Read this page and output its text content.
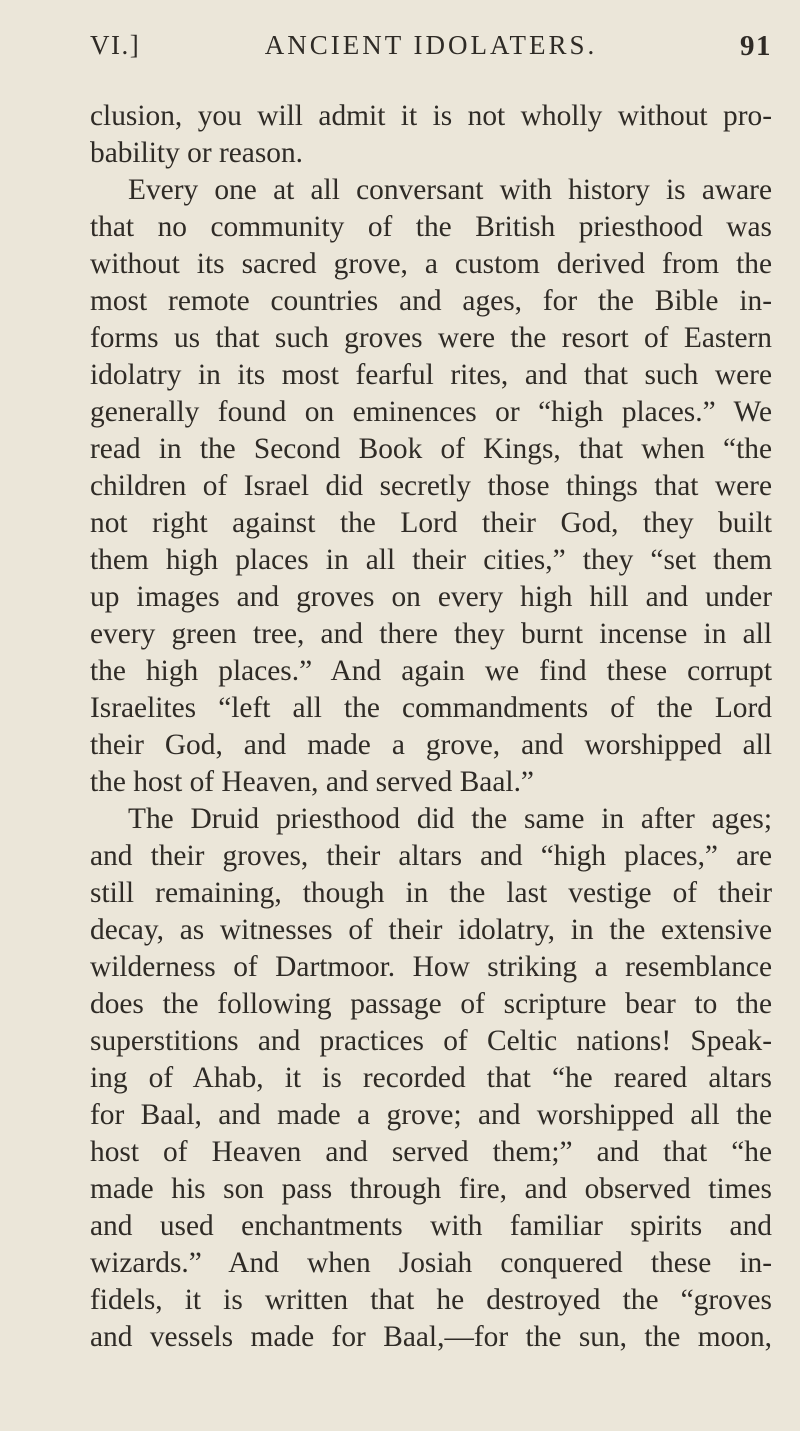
VI.]	ANCIENT IDOLATERS.	91
clusion, you will admit it is not wholly without pro-
bability or reason.
Every one at all conversant with history is aware
that no community of the British priesthood was
without its sacred grove, a custom derived from the
most remote countries and ages, for the Bible in-
forms us that such groves were the resort of Eastern
idolatry in its most fearful rites, and that such were
generally found on eminences or “high places.” We
read in the Second Book of Kings, that when “the
children of Israel did secretly those things that were
not right against the Lord their God, they built
them high places in all their cities,” they “set them
up images and groves on every high hill and under
every green tree, and there they burnt incense in all
the high places.” And again we find these corrupt
Israelites “left all the commandments of the Lord
their God, and made a grove, and worshipped all
the host of Heaven, and served Baal.”
The Druid priesthood did the same in after ages;
and their groves, their altars and “high places,” are
still remaining, though in the last vestige of their
decay, as witnesses of their idolatry, in the extensive
wilderness of Dartmoor. How striking a resemblance
does the following passage of scripture bear to the
superstitions and practices of Celtic nations! Speak-
ing of Ahab, it is recorded that “he reared altars
for Baal, and made a grove; and worshipped all the
host of Heaven and served them;” and that “he
made his son pass through fire, and observed times
and used enchantments with familiar spirits and
wizards.” And when Josiah conquered these in-
fidels, it is written that he destroyed the “groves
and vessels made for Baal,—for the sun, the moon,
